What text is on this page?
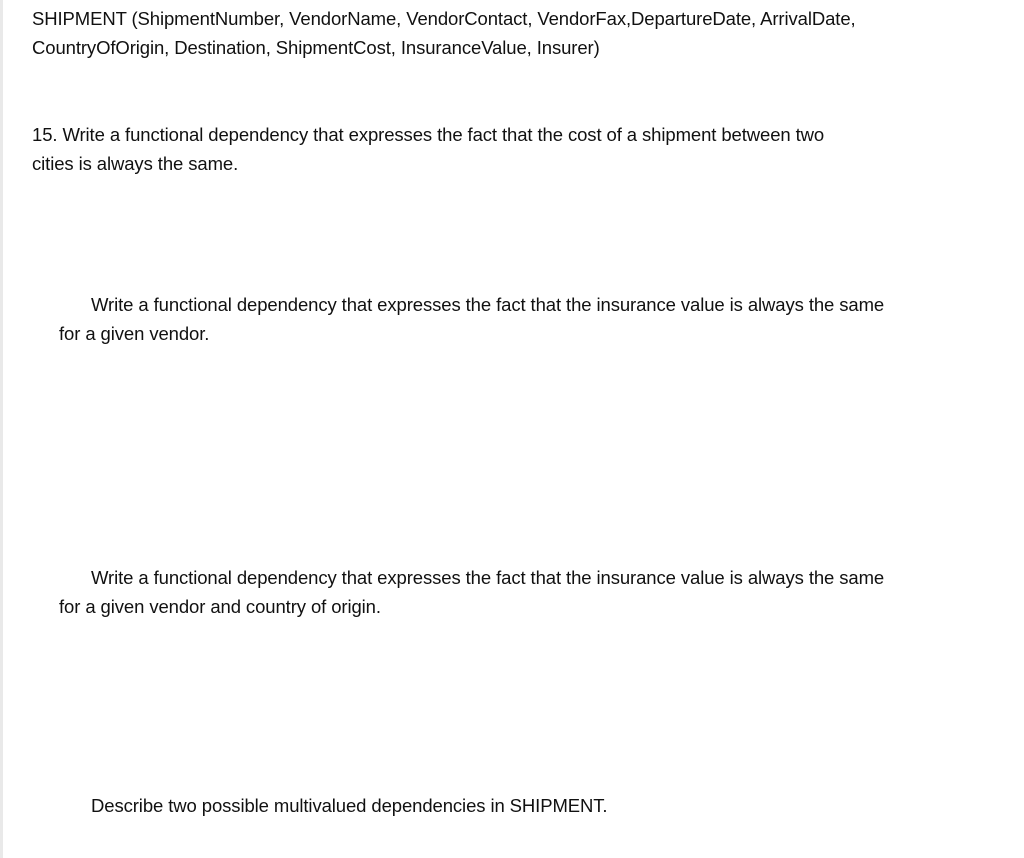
SHIPMENT (ShipmentNumber, VendorName, VendorContact, VendorFax,DepartureDate, ArrivalDate,
CountryOfOrigin, Destination, ShipmentCost, InsuranceValue, Insurer)

15. Write a functional dependency that expresses the fact that the cost of a shipment between two
cities is always the same.

Write a functional dependency that expresses the fact that the insurance value is always the same
for a given vendor.

Write a functional dependency that expresses the fact that the insurance value is always the same
for a given vendor and country of origin.

Describe two possible multivalued dependencies in SHIPMENT.
